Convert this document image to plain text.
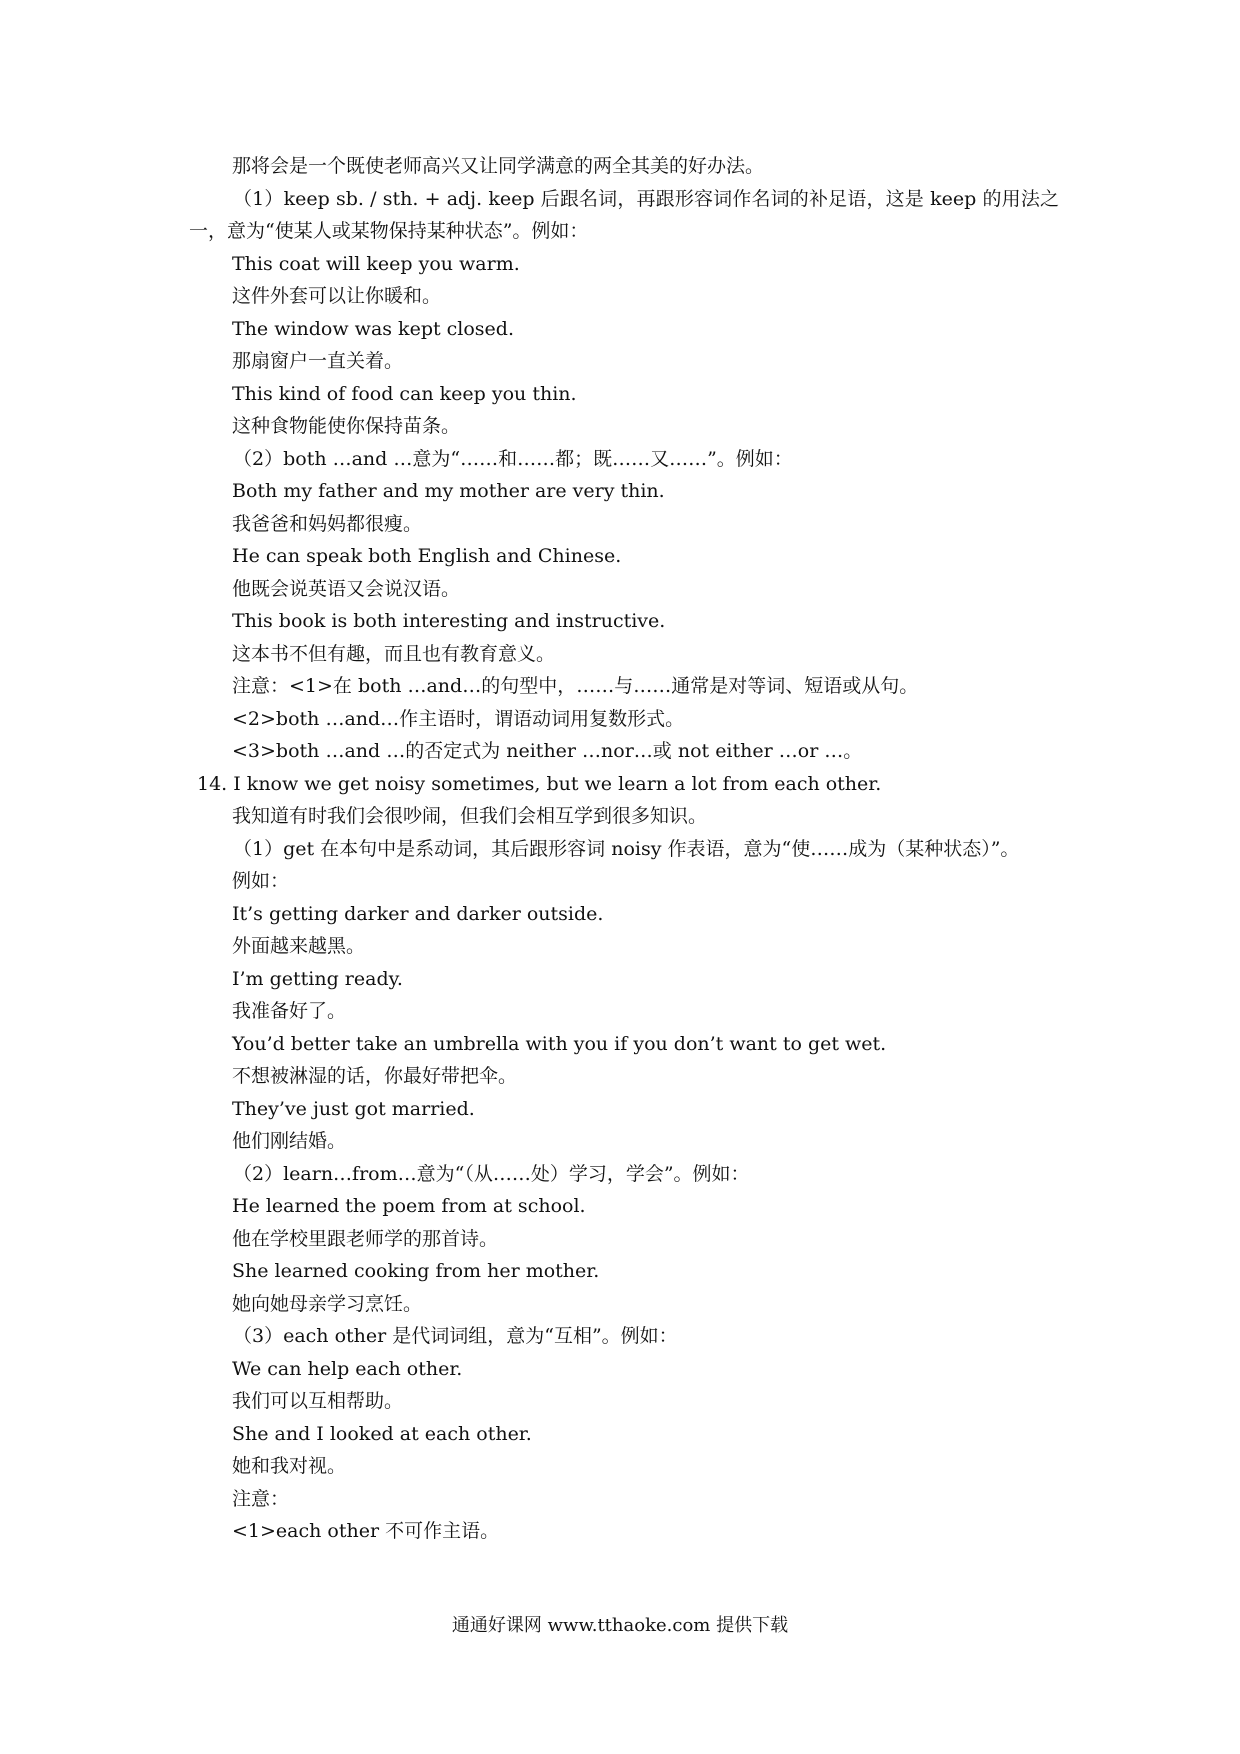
那将会是一个既使老师高兴又让同学满意的两全其美的好办法。

（1）keep sb. / sth. + adj. keep 后跟名词，再跟形容词作名词的补足语，这是 keep 的用法之一，意为“使某人或某物保持某种状态”。例如：

This coat will keep you warm.

这件外套可以让你暖和。

The window was kept closed.

那扇窗户一直关着。

This kind of food can keep you thin.

这种食物能使你保持苗条。

（2）both …and …意为“……和……都；既……又……”。例如：

Both my father and my mother are very thin.

我爸爸和妈妈都很瘦。

He can speak both English and Chinese.

他既会说英语又会说汉语。

This book is both interesting and instructive.

这本书不但有趣，而且也有教育意义。

注意：<1>在 both …and…的句型中，……与……通常是对等词、短语或从句。

<2>both …and…作主语时，谓语动词用复数形式。

<3>both …and …的否定式为 neither …nor…或 not either …or …。

14. I know we get noisy sometimes, but we learn a lot from each other.

我知道有时我们会很吵闹，但我们会相互学到很多知识。

（1）get 在本句中是系动词，其后跟形容词 noisy 作表语，意为“使……成为（某种状态）”。

例如：

It’s getting darker and darker outside.

外面越来越黑。

I’m getting ready.

我准备好了。

You’d better take an umbrella with you if you don’t want to get wet.

不想被淋湿的话，你最好带把伞。

They’ve just got married.

他们刚结婚。

（2）learn…from…意为“（从……处）学习，学会”。例如：

He learned the poem from at school.

他在学校里跟老师学的那首诗。

She learned cooking from her mother.

她向她母亲学习烹饪。

（3）each other 是代词词组，意为“互相”。例如：

We can help each other.

我们可以互相帮助。

She and I looked at each other.

她和我对视。

注意：

<1>each other 不可作主语。

通通好课网 www.tthaoke.com 提供下载
